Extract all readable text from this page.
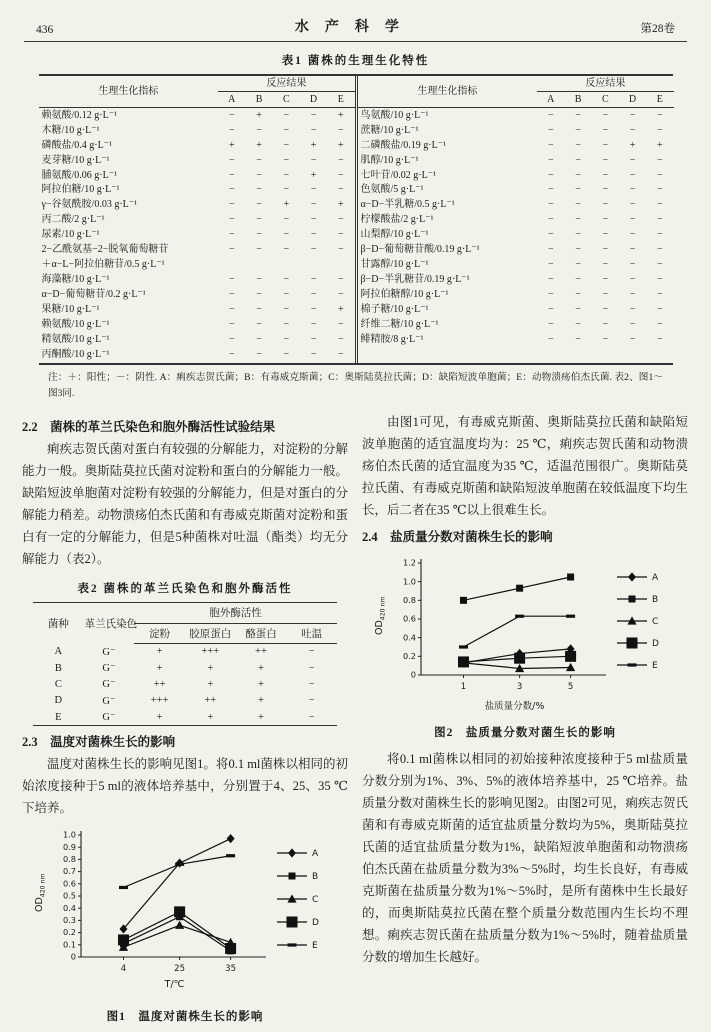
436	水产科学	第28卷
表1 菌株的生理生化特性
生理生化指标	反应结果				
	A	B	C	D	E
赖氨酸/0.12 g·L⁻¹	−	+	−	−	+
木糖/10 g·L⁻¹	−	−	−	−	−
磷酸盐/0.4 g·L⁻¹	+	+	−	+	+
麦芽糖/10 g·L⁻¹	−	−	−	−	−
脯氨酸/0.06 g·L⁻¹	−	−	−	+	−
阿拉伯糖/10 g·L⁻¹	−	−	−	−	−
γ−谷氨酰胺/0.03 g·L⁻¹	−	−	+	−	+
丙二酸/2 g·L⁻¹	−	−	−	−	−
尿素/10 g·L⁻¹	−	−	−	−	−
2−乙酰氨基−2−脱氧葡萄糖苷	−	−	−	−	−
＋α−L−阿拉伯糖苷/0.5 g·L⁻¹					
海藻糖/10 g·L⁻¹	−	−	−	−	−
α−D−葡萄糖苷/0.2 g·L⁻¹	−	−	−	−	−
果糖/10 g·L⁻¹	−	−	−	−	+
赖氨酸/10 g·L⁻¹	−	−	−	−	−
精氨酸/10 g·L⁻¹	−	−	−	−	−
丙酮酸/10 g·L⁻¹	−	−	−	−	−
生理生化指标	反应结果				
	A	B	C	D	E
鸟氨酸/10 g·L⁻¹	−	−	−	−	−
蔗糖/10 g·L⁻¹	−	−	−	−	−
二磷酸盐/0.19 g·L⁻¹	−	−	−	+	+
肌醇/10 g·L⁻¹	−	−	−	−	−
七叶苷/0.02 g·L⁻¹	−	−	−	−	−
色氨酸/5 g·L⁻¹	−	−	−	−	−
α−D−半乳糖/0.5 g·L⁻¹	−	−	−	−	−
柠檬酸盐/2 g·L⁻¹	−	−	−	−	−
山梨醇/10 g·L⁻¹	−	−	−	−	−
β−D−葡萄糖苷酸/0.19 g·L⁻¹	−	−	−	−	−
甘露醇/10 g·L⁻¹	−	−	−	−	−
β−D−半乳糖苷/0.19 g·L⁻¹	−	−	−	−	−
阿拉伯糖醇/10 g·L⁻¹	−	−	−	−	−
棉子糖/10 g·L⁻¹	−	−	−	−	−
纤维二糖/10 g·L⁻¹	−	−	−	−	−
鲱精胺/8 g·L⁻¹	−	−	−	−	−
注：＋：阳性；－：阴性. A：痢疾志贺氏菌；B：有毒威克斯菌；C：奥斯陆莫拉氏菌；D：缺陷短波单胞菌；E：动物溃疡伯杰氏菌. 表2、图1～图3同.
2.2　菌株的革兰氏染色和胞外酶活性试验结果

痢疾志贺氏菌对蛋白有较强的分解能力，对淀粉的分解能力一般。奥斯陆莫拉氏菌对淀粉和蛋白的分解能力一般。缺陷短波单胞菌对淀粉有较强的分解能力，但是对蛋白的分解能力稍差。动物溃疡伯杰氏菌和有毒威克斯菌对淀粉和蛋白有一定的分解能力，但是5种菌株对吐温（酯类）均无分解能力（表2）。

表2 菌株的革兰氏染色和胞外酶活性
菌种	革兰氏染色	胞外酶活性			
		淀粉	胶原蛋白	酪蛋白	吐温
A	G⁻	+	+++	++	−
B	G⁻	+	+	+	−
C	G⁻	++	+	+	−
D	G⁻	+++	++	+	−
E	G⁻	+	+	+	−
2.3　温度对菌株生长的影响

温度对菌株生长的影响见图1。将0.1 ml菌株以相同的初始浓度接种于5 ml的液体培养基中，分别置于4、25、35 ℃下培养。

1.0
0.9
0.8
0.7
0.6
0.5
0.4
0.3
0.2
0.1
0
4	25	35
T/℃
$OD_{420 nm}$
A
B
C
D
E
图1　温度对菌株生长的影响

由图1可见，有毒威克斯菌、奥斯陆莫拉氏菌和缺陷短波单胞菌的适宜温度均为：25 ℃，痢疾志贺氏菌和动物溃疡伯杰氏菌的适宜温度为35 ℃，适温范围很广。奥斯陆莫拉氏菌、有毒威克斯菌和缺陷短波单胞菌在较低温度下均生长，后二者在35 ℃以上很难生长。

2.4　盐质量分数对菌株生长的影响
1.2
1.0
0.8
0.6
0.4
0.2
0
1	3	5
盐质量分数/%
$OD_{420 nm}$
A
B
C
D
E
图2　盐质量分数对菌生长的影响

将0.1 ml菌株以相同的初始接种浓度接种于5 ml盐质量分数分别为1%、3%、5%的液体培养基中，25 ℃培养。盐质量分数对菌株生长的影响见图2。由图2可见，痢疾志贺氏菌和有毒威克斯菌的适宜盐质量分数均为5%，奥斯陆莫拉氏菌的适宜盐质量分数为1%，缺陷短波单胞菌和动物溃疡伯杰氏菌在盐质量分数为3%～5%时，均生长良好，有毒威克斯菌在盐质量分数为1%～5%时，是所有菌株中生长最好的，而奥斯陆莫拉氏菌在整个质量分数范围内生长均不理想。痢疾志贺氏菌在盐质量分数为1%～5%时，随着盐质量分数的增加生长越好。
